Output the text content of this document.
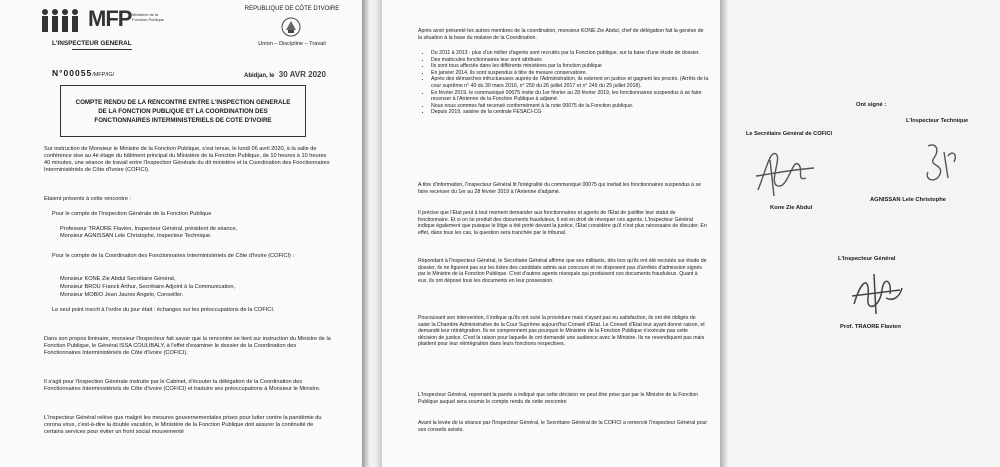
MFP Ministère de la Fonction Publique
L'INSPECTEUR GENERAL
REPUBLIQUE DE CÔTE D'IVOIRE
Union – Discipline – Travail
N°00055/MFP/IG/	Abidjan, le 30 AVR 2020
COMPTE RENDU DE LA RENCONTRE ENTRE L'INSPECTION GENERALE
DE LA FONCTION PUBLIQUE ET LA COORDINATION DES
FONCTIONNAIRES INTERMINISTERIELS DE COTE D'IVOIRE

Sur instruction de Monsieur le Ministre de la Fonction Publique, s'est tenue, le lundi 06 avril 2020, à la salle de conférence sise au 4è étage du bâtiment principal du Ministère de la Fonction Publique, de 10 heures à 10 heures 40 minutes, une séance de travail entre l'Inspection Générale du dit ministère et la Coordination des Fonctionnaires Interministériels de Côte d'Ivoire (COFICI).

Etaient présents à cette rencontre :

Pour le compte de l'Inspection Générale de la Fonction Publique

Professeur TRAORE Flavien, Inspecteur Général, président de séance,
Monsieur AGNISSAN Lele Christophe, Inspecteur Technique.

Pour le compte de la Coordination des Fonctionnaires Interministériels de Côte d'Ivoire (COFICI) :

Monsieur KONE Zie Abdul Secrétaire Général,
Monsieur BROU Franck Arthur, Secrétaire Adjoint à la Communication,
Monsieur MOBIO Jean Jaures Angelo, Conseiller.

Le seul point inscrit à l'ordre du jour était : échanges sur les préoccupations de la COFICI.

Dans son propos liminaire, monsieur l'Inspecteur fait savoir que la rencontre se tient sur instruction du Ministre de la Fonction Publique, le Général ISSA COULIBALY, à l'effet d'examiner le dossier de la Coordination des Fonctionnaires Interministériels de Côte d'Ivoire (COFICI).

Il s'agit pour l'Inspection Générale instruite par le Cabinet, d'écouter la délégation de la Coordination des Fonctionnaires Interministériels de Côte d'Ivoire (COFICI) et traduire ses préoccupations à Monsieur le Ministre.

L'Inspecteur Général relève que malgré les mesures gouvernementales prises pour lutter contre la pandémie du corona virus, c'est-à-dire la double vacation, le Ministère de la Fonction Publique doit assurer la continuité de certains services pour éviter un front social mouvementé

Après avoir présenté les autres membres de la coordination, monsieur KONE Zie Abdul, chef de délégation fait la genèse de la situation à la base du malaise de la Coordination.

• Du 2011 à 2013 : plus d'un millier d'agents sont recrutés par la Fonction publique, sur la base d'une étude de dossier.
• Des matricules fonctionnaires leur sont attribués
• Ils sont tous affectés dans les différents ministères par la fonction publique
• En janvier 2014, ils sont suspendus à titre de mesure conservatoire.
• Après des démarches infructueuses auprès de l'Administration, ils esterent en justice et gagnent les procès. (Arrêts de la cour suprême n° 40 du 30 mars 2016, n° 250 du 26 juillet 2017 et n° 249 du 25 juillet 2018).
• En février 2019, le communiqué 00075 invite du 1er février au 28 février 2019, les fonctionnaires suspendus à se faire recenser à l'Antenne de la Fonction Publique à adjamé.
• Nous nous sommes fait recensé conformément à la note 00075 de la Fonction publique.
• Depuis 2019, saisine de la centrale FESACI-CG

A titre d'information, l'Inspecteur Général lit l'intégralité du communiqué 00075 qui invitait les fonctionnaires suspendus à se faire recenser du 1er au 28 février 2019 à l'Antenne d'adjamé.

Il précise que l'Etat peut à tout moment demander aux fonctionnaires et agents de l'Etat de justifier leur statut de fonctionnaire. Et si on lui produit des documents frauduleux, il est en droit de révoquer ces agents. L'Inspecteur Général indique également que puisque le litige a été porté devant la justice, l'Etat considère qu'il n'est plus nécessaire de discuter. En effet, dans tous les cas, la question sera tranchée par le tribunal.

Répondant à l'Inspecteur Général, le Secrétaire Général affirme que ses militants, dès lors qu'ils ont été recrutés sur étude de dossier, ils ne figurent pas sur les listes des candidats admis aux concours et ne disposent pas d'arrêtés d'admission signés par le Ministre de la Fonction Publique. C'est d'autres agents révoqués qui produisent ces documents frauduleux. Quant à eux, ils ont déposé tous les documents en leur possession.

Poursuivant son intervention, il indique qu'ils ont suivi la procédure mais n'ayant pas eu satisfaction, ils ont été obligés de saisir la Chambre Administrative de la Cour Suprême aujourd'hui Conseil d'Etat. Le Conseil d'Etat leur ayant donné raison, et demandé leur réintégration. Ils ne comprennent pas pourquoi le Ministère de la Fonction Publique n'exécute pas cette décision de justice. C'est la raison pour laquelle ils ont demandé une audience avec le Ministre. Ils ne revendiquent pas mais plaident pour leur réintégration dans leurs fonctions respectives.

L'Inspecteur Général, reprenant la parole a indiqué que cette décision ne peut être prise que par le Ministre de la Fonction Publique auquel sera soumis le compte rendu de cette rencontre

Avant la levée de la séance par l'Inspecteur Général, le Secrétaire Général de la COFICI a remercié l'Inspecteur Général pour ses conseils avisés.

Ont signé :
Le Secrétaire Général de COFICI
Kone Zie Abdul
L'Inspecteur Technique
AGNISSAN Lele Christophe
L'Inspecteur Général
Prof. TRAORE Flavien
